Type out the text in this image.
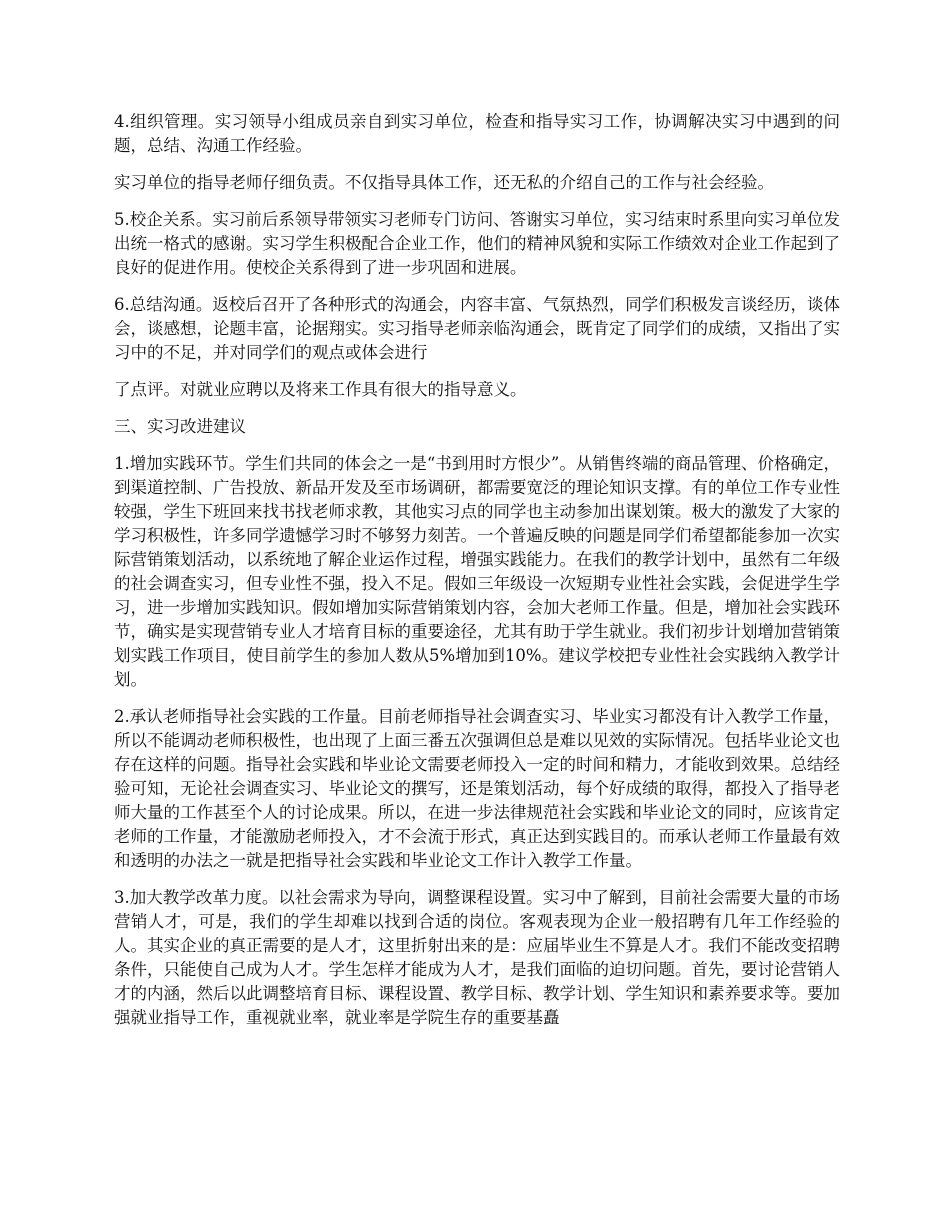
4.组织管理。实习领导小组成员亲自到实习单位，检查和指导实习工作，协调解决实习中遇到的问题，总结、沟通工作经验。

实习单位的指导老师仔细负责。不仅指导具体工作，还无私的介绍自己的工作与社会经验。

5.校企关系。实习前后系领导带领实习老师专门访问、答谢实习单位，实习结束时系里向实习单位发出统一格式的感谢。实习学生积极配合企业工作，他们的精神风貌和实际工作绩效对企业工作起到了良好的促进作用。使校企关系得到了进一步巩固和进展。

6.总结沟通。返校后召开了各种形式的沟通会，内容丰富、气氛热烈，同学们积极发言谈经历，谈体会，谈感想，论题丰富，论据翔实。实习指导老师亲临沟通会，既肯定了同学们的成绩，又指出了实习中的不足，并对同学们的观点或体会进行

了点评。对就业应聘以及将来工作具有很大的指导意义。

三、实习改进建议

1.增加实践环节。学生们共同的体会之一是“书到用时方恨少”。从销售终端的商品管理、价格确定，到渠道控制、广告投放、新品开发及至市场调研，都需要宽泛的理论知识支撑。有的单位工作专业性较强，学生下班回来找书找老师求教，其他实习点的同学也主动参加出谋划策。极大的激发了大家的学习积极性，许多同学遗憾学习时不够努力刻苦。一个普遍反映的问题是同学们希望都能参加一次实际营销策划活动，以系统地了解企业运作过程，增强实践能力。在我们的教学计划中，虽然有二年级的社会调查实习，但专业性不强，投入不足。假如三年级设一次短期专业性社会实践，会促进学生学习，进一步增加实践知识。假如增加实际营销策划内容，会加大老师工作量。但是，增加社会实践环节，确实是实现营销专业人才培育目标的重要途径，尤其有助于学生就业。我们初步计划增加营销策划实践工作项目，使目前学生的参加人数从5%增加到10%。建议学校把专业性社会实践纳入教学计划。

2.承认老师指导社会实践的工作量。目前老师指导社会调查实习、毕业实习都没有计入教学工作量，所以不能调动老师积极性，也出现了上面三番五次强调但总是难以见效的实际情况。包括毕业论文也存在这样的问题。指导社会实践和毕业论文需要老师投入一定的时间和精力，才能收到效果。总结经验可知，无论社会调查实习、毕业论文的撰写，还是策划活动，每个好成绩的取得，都投入了指导老师大量的工作甚至个人的讨论成果。所以，在进一步法律规范社会实践和毕业论文的同时，应该肯定老师的工作量，才能激励老师投入，才不会流于形式，真正达到实践目的。而承认老师工作量最有效和透明的办法之一就是把指导社会实践和毕业论文工作计入教学工作量。

3.加大教学改革力度。以社会需求为导向，调整课程设置。实习中了解到，目前社会需要大量的市场营销人才，可是，我们的学生却难以找到合适的岗位。客观表现为企业一般招聘有几年工作经验的人。其实企业的真正需要的是人才，这里折射出来的是：应届毕业生不算是人才。我们不能改变招聘条件，只能使自己成为人才。学生怎样才能成为人才，是我们面临的迫切问题。首先，要讨论营销人才的内涵，然后以此调整培育目标、课程设置、教学目标、教学计划、学生知识和素养要求等。要加强就业指导工作，重视就业率，就业率是学院生存的重要基矗
